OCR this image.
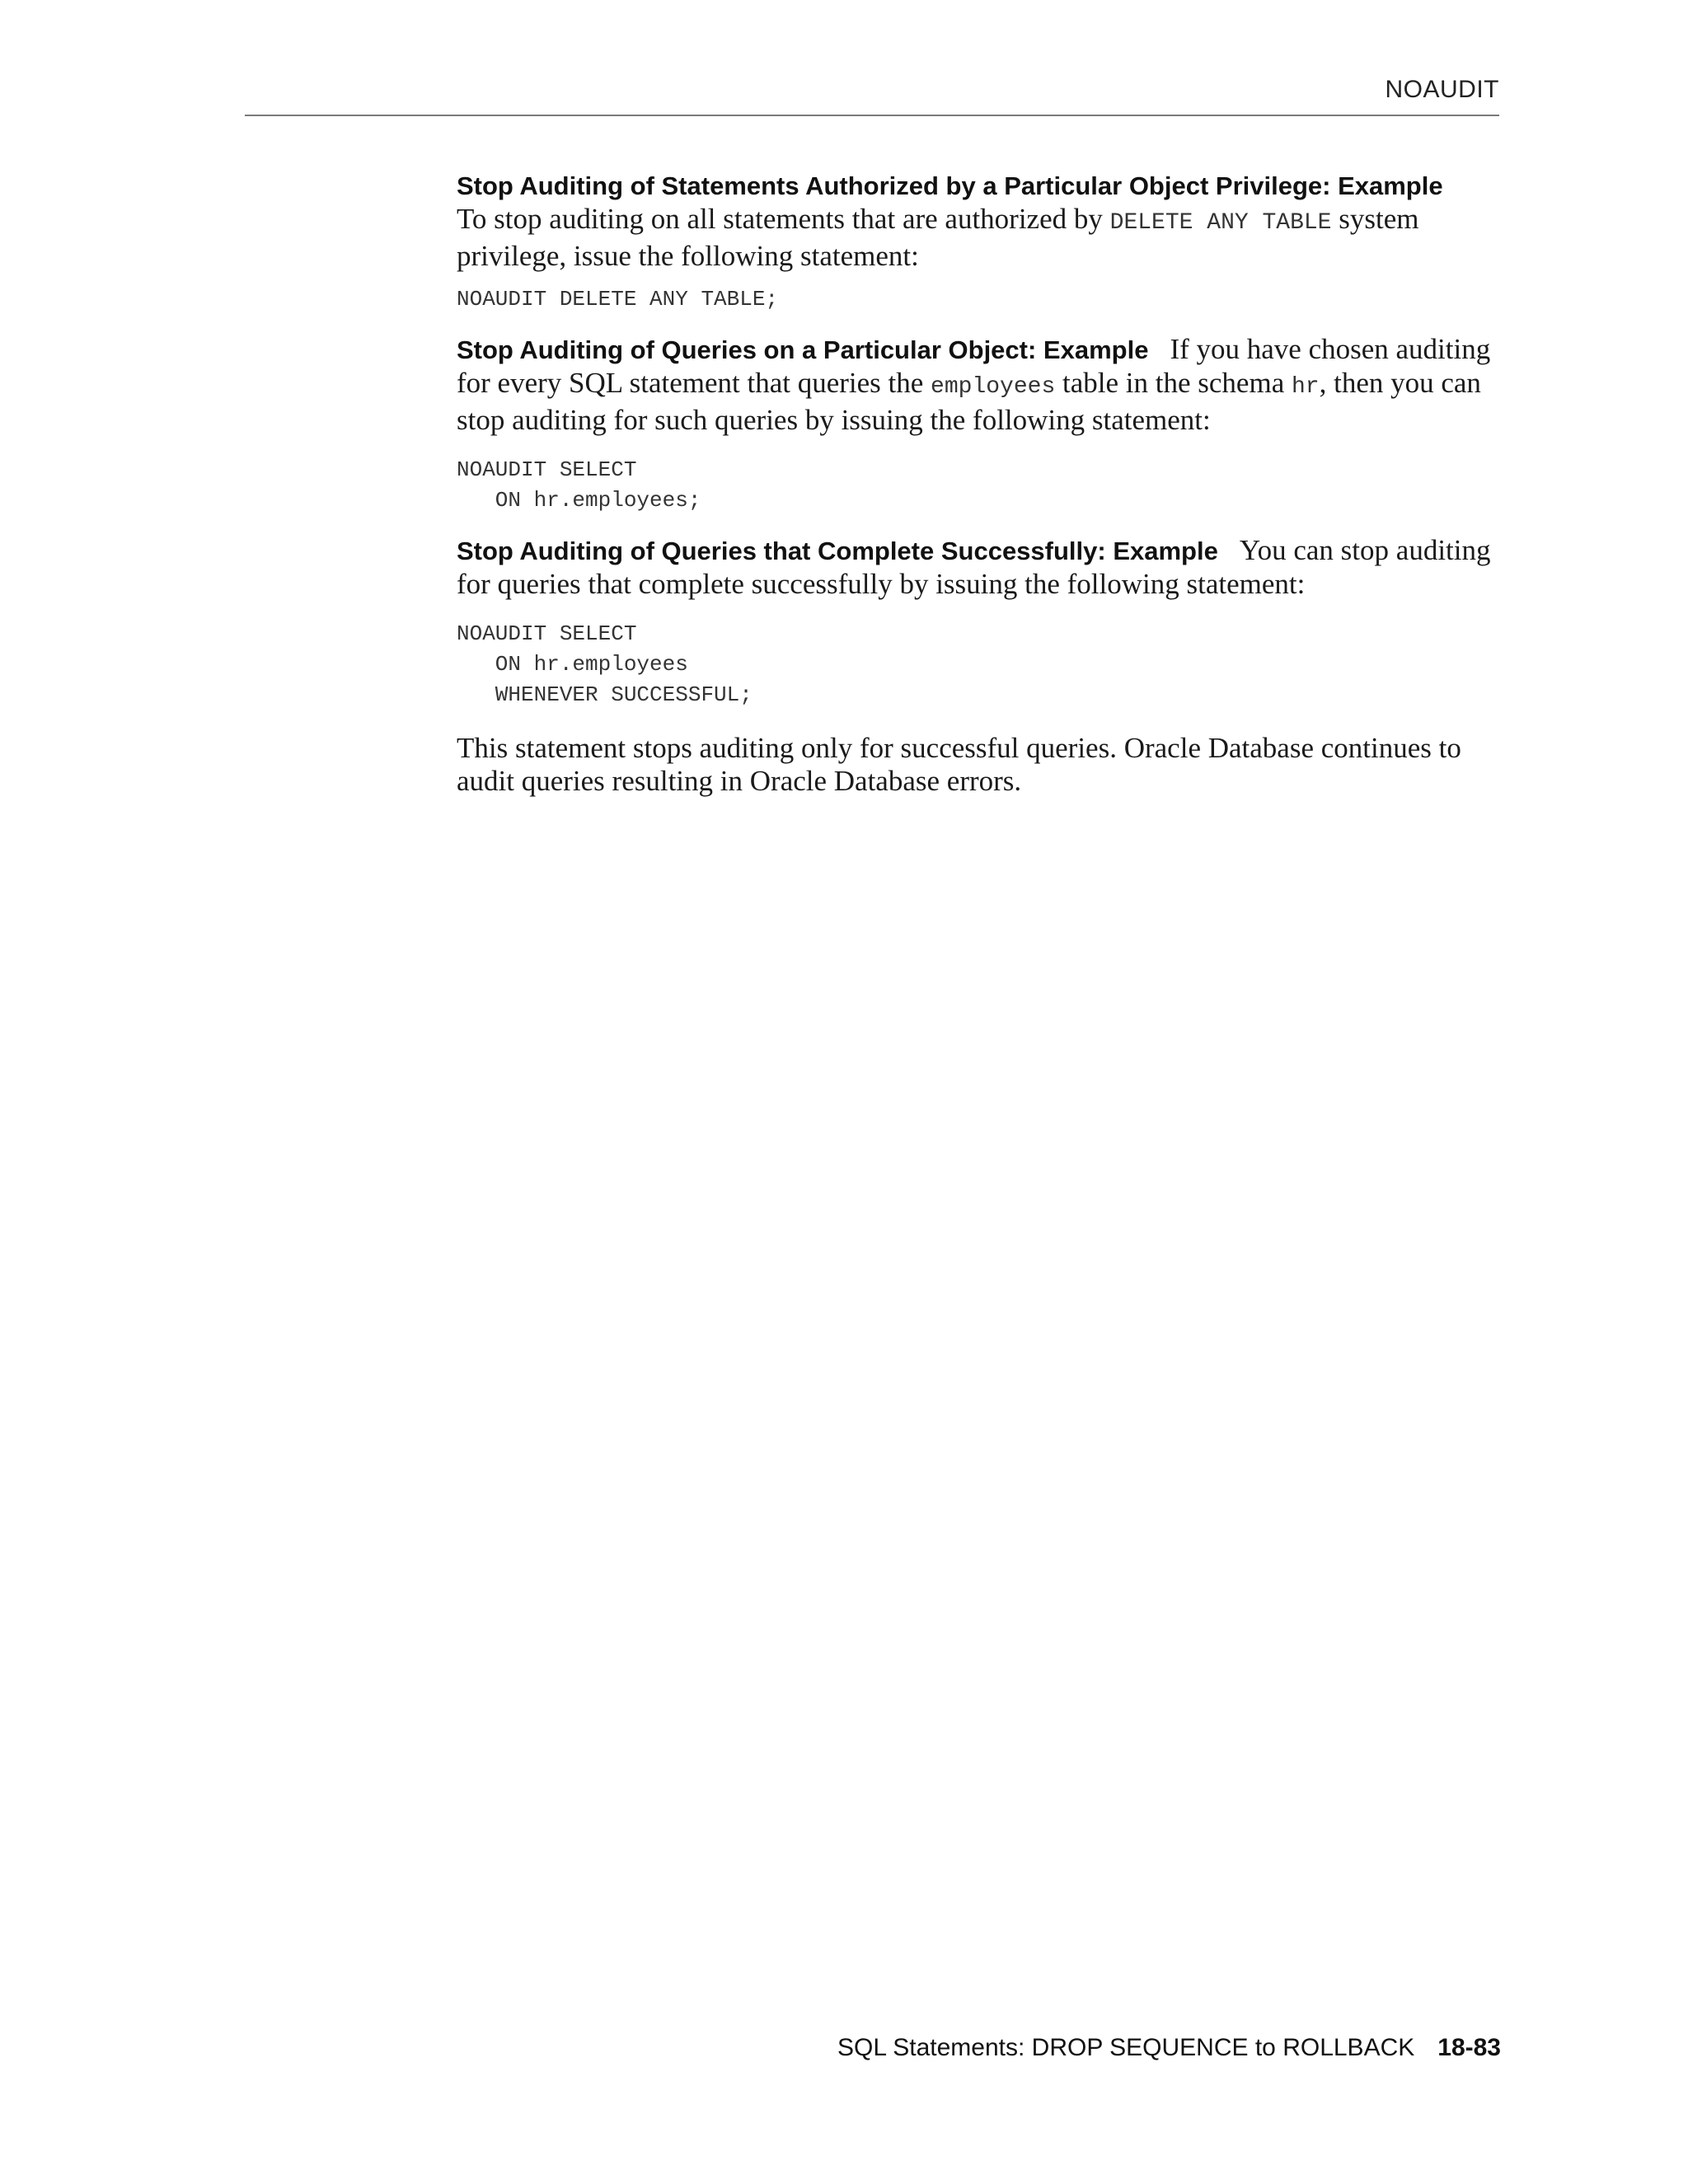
NOAUDIT
Stop Auditing of Statements Authorized by a Particular Object Privilege: Example

To stop auditing on all statements that are authorized by DELETE ANY TABLE system privilege, issue the following statement:

NOAUDIT DELETE ANY TABLE;

Stop Auditing of Queries on a Particular Object: Example If you have chosen auditing for every SQL statement that queries the employees table in the schema hr, then you can stop auditing for such queries by issuing the following statement:

NOAUDIT SELECT
ON hr.employees;

Stop Auditing of Queries that Complete Successfully: Example You can stop auditing for queries that complete successfully by issuing the following statement:

NOAUDIT SELECT
ON hr.employees
WHENEVER SUCCESSFUL;

This statement stops auditing only for successful queries. Oracle Database continues to audit queries resulting in Oracle Database errors.

SQL Statements: DROP SEQUENCE to ROLLBACK 18-83
